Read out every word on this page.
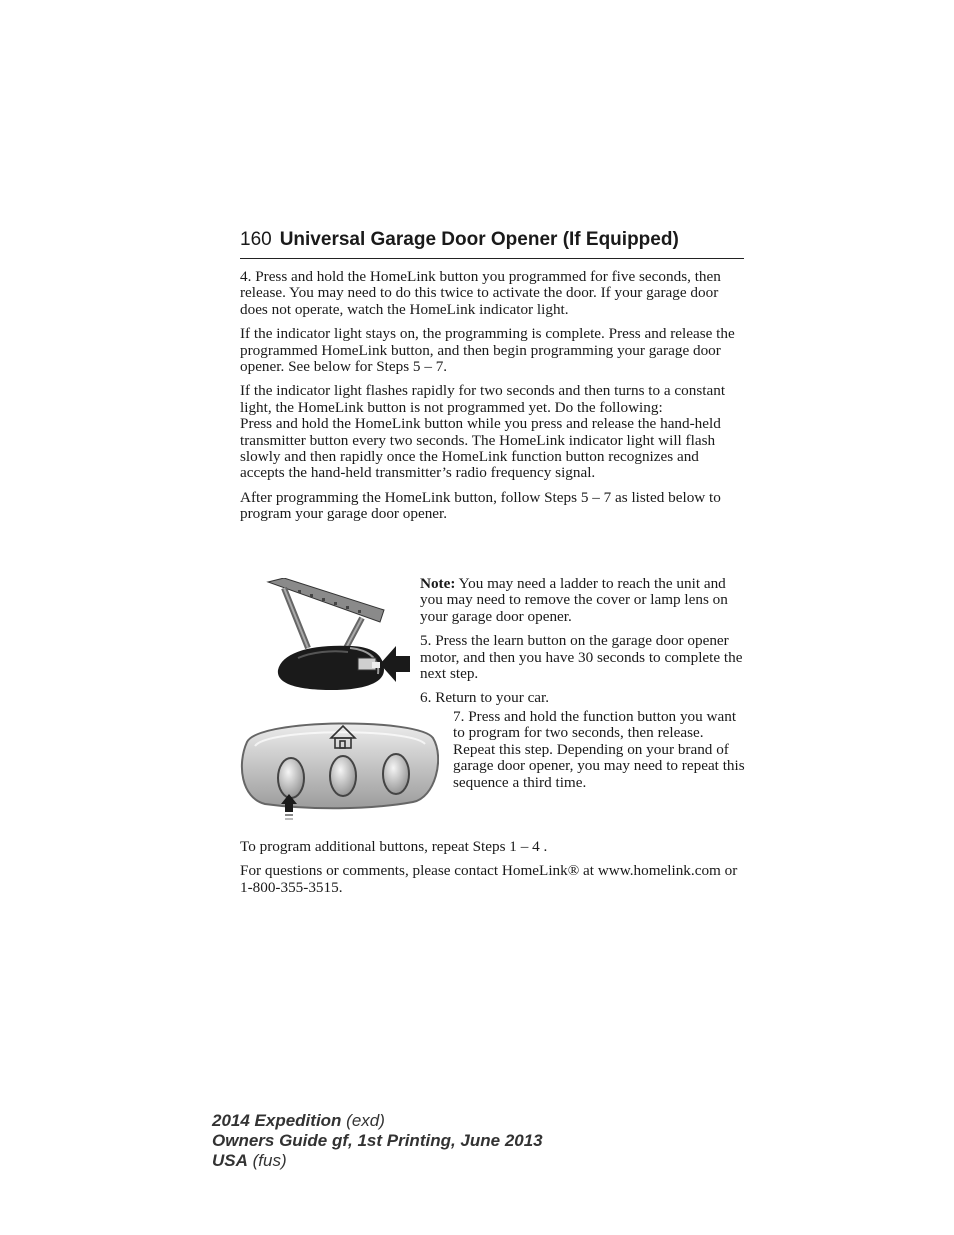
160 Universal Garage Door Opener (If Equipped)

4. Press and hold the HomeLink button you programmed for five seconds, then release. You may need to do this twice to activate the door. If your garage door does not operate, watch the HomeLink indicator light.

If the indicator light stays on, the programming is complete. Press and release the programmed HomeLink button, and then begin programming your garage door opener. See below for Steps 5 – 7.

If the indicator light flashes rapidly for two seconds and then turns to a constant light, the HomeLink button is not programmed yet. Do the following:

Press and hold the HomeLink button while you press and release the hand-held transmitter button every two seconds. The HomeLink indicator light will flash slowly and then rapidly once the HomeLink function button recognizes and accepts the hand-held transmitter’s radio frequency signal.

After programming the HomeLink button, follow Steps 5 – 7 as listed below to program your garage door opener.

Note: You may need a ladder to reach the unit and you may need to remove the cover or lamp lens on your garage door opener.

5. Press the learn button on the garage door opener motor, and then you have 30 seconds to complete the next step.

6. Return to your car.

7. Press and hold the function button you want to program for two seconds, then release. Repeat this step. Depending on your brand of garage door opener, you may need to repeat this sequence a third time.

To program additional buttons, repeat Steps 1 – 4 .

For questions or comments, please contact HomeLink® at www.homelink.com or 1-800-355-3515.

2014 Expedition (exd)
Owners Guide gf, 1st Printing, June 2013
USA (fus)
